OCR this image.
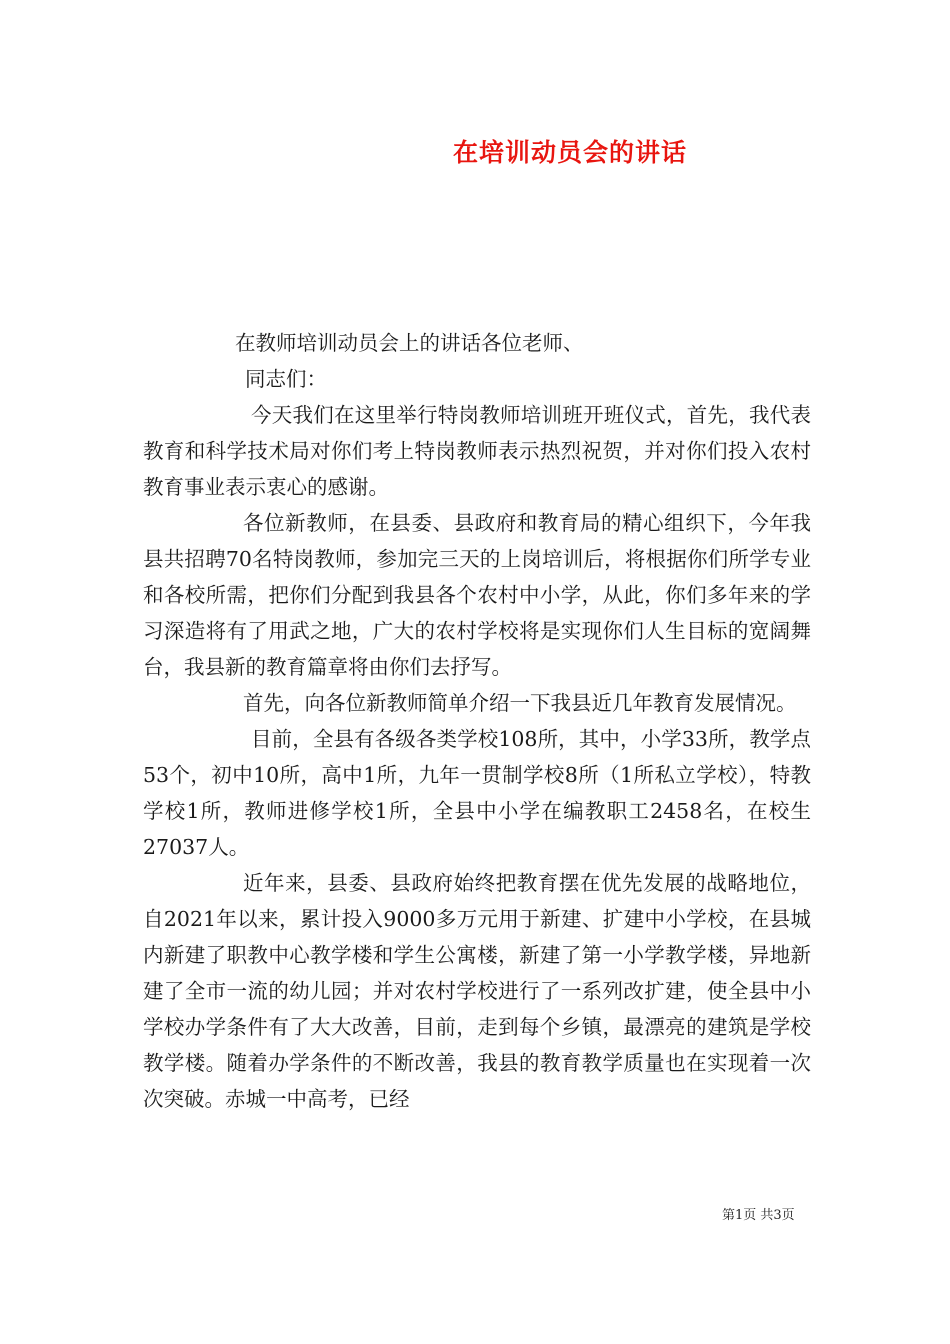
在培训动员会的讲话

在教师培训动员会上的讲话各位老师、

同志们：

今天我们在这里举行特岗教师培训班开班仪式，首先，我代表教育和科学技术局对你们考上特岗教师表示热烈祝贺，并对你们投入农村教育事业表示衷心的感谢。

各位新教师，在县委、县政府和教育局的精心组织下，今年我县共招聘70名特岗教师，参加完三天的上岗培训后，将根据你们所学专业和各校所需，把你们分配到我县各个农村中小学，从此，你们多年来的学习深造将有了用武之地，广大的农村学校将是实现你们人生目标的宽阔舞台，我县新的教育篇章将由你们去抒写。

首先，向各位新教师简单介绍一下我县近几年教育发展情况。

目前，全县有各级各类学校108所，其中，小学33所，教学点53个，初中10所，高中1所，九年一贯制学校8所（1所私立学校），特教学校1所，教师进修学校1所，全县中小学在编教职工2458名，在校生27037人。

近年来，县委、县政府始终把教育摆在优先发展的战略地位，自2021年以来，累计投入9000多万元用于新建、扩建中小学校，在县城内新建了职教中心教学楼和学生公寓楼，新建了第一小学教学楼，异地新建了全市一流的幼儿园；并对农村学校进行了一系列改扩建，使全县中小学校办学条件有了大大改善，目前，走到每个乡镇，最漂亮的建筑是学校教学楼。随着办学条件的不断改善，我县的教育教学质量也在实现着一次次突破。赤城一中高考，已经

第1页 共3页
